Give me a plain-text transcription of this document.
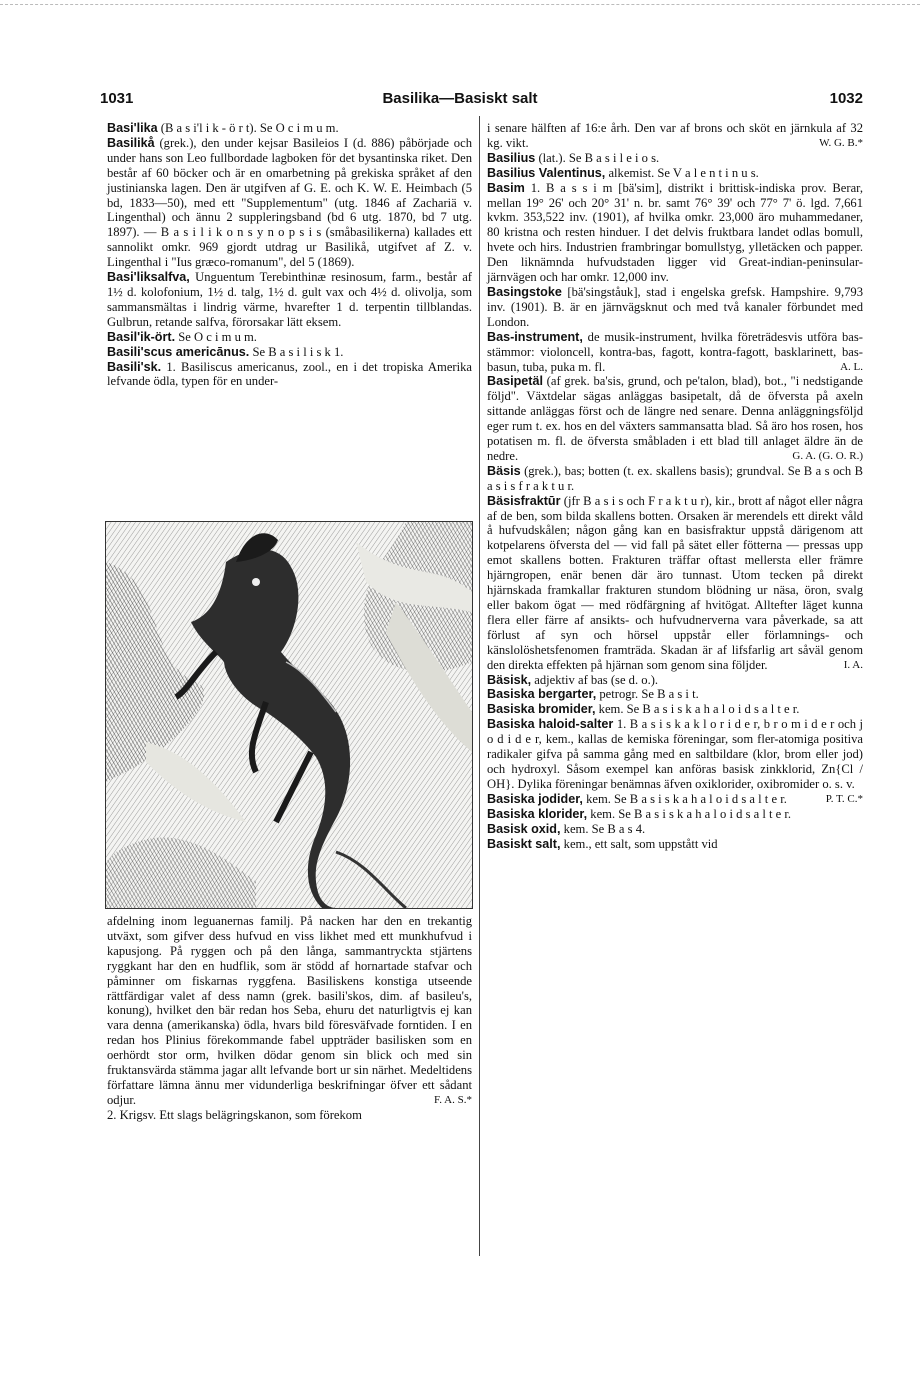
1031	Basilika—Basiskt salt	1032

Basi'lika (B a s i'l i k - ö r t). Se O c i m u m.

Basilikå (grek.), den under kejsar Basileios I (d. 886) påbörjade och under hans son Leo fullbordade lagboken för det bysantinska riket. Den består af 60 böcker och är en omarbetning på grekiska språket af den justinianska lagen. Den är utgifven af G. E. och K. W. E. Heimbach (5 bd, 1833—50), med ett "Supplementum" (utg. 1846 af Zachariä v. Lingenthal) och ännu 2 suppleringsband (bd 6 utg. 1870, bd 7 utg. 1897). — B a s i l i k o n s y n o p s i s (småbasilikerna) kallades ett sannolikt omkr. 969 gjordt utdrag ur Basilikå, utgifvet af Z. v. Lingenthal i "Ius græco-romanum", del 5 (1869).

Basi'liksalfva, Unguentum Terebinthinæ resinosum, farm., består af 1½ d. kolofonium, 1½ d. talg, 1½ d. gult vax och 4½ d. olivolja, som sammansmältas i lindrig värme, hvarefter 1 d. terpentin tillblandas. Gulbrun, retande salfva, förorsakar lätt eksem.

Basil'ik-ört. Se O c i m u m.

Basili'scus americānus. Se B a s i l i s k 1.

Basili'sk. 1. Basiliscus americanus, zool., en i det tropiska Amerika lefvande ödla, typen för en under-

afdelning inom leguanernas familj. På nacken har den en trekantig utväxt, som gifver dess hufvud en viss likhet med ett munkhufvud i kapusjong. På ryggen och på den långa, sammantryckta stjärtens ryggkant har den en hudflik, som är stödd af hornartade stafvar och påminner om fiskarnas ryggfena. Basiliskens konstiga utseende rättfärdigar valet af dess namn (grek. basili'skos, dim. af basileu's, konung), hvilket den bär redan hos Seba, ehuru det naturligtvis ej kan vara denna (amerikanska) ödla, hvars bild föresväfvade forntiden. I en redan hos Plinius förekommande fabel uppträder basilisken som en oerhördt stor orm, hvilken dödar genom sin blick och med sin fruktansvärda stämma jagar allt lefvande bort ur sin närhet. Medeltidens författare lämna ännu mer vidunderliga beskrifningar öfver ett sådant odjur.	F. A. S.*

2. Krigsv. Ett slags belägringskanon, som förekom

i senare hälften af 16:e årh. Den var af brons och sköt en järnkula af 32 kg. vikt.	W. G. B.*

Basilius (lat.). Se B a s i l e i o s.

Basilius Valentinus, alkemist. Se V a l e n t i n u s.

Basim 1. B a s s i m [bä'sim], distrikt i brittisk-indiska prov. Berar, mellan 19° 26' och 20° 31' n. br. samt 76° 39' och 77° 7' ö. lgd. 7,661 kvkm. 353,522 inv. (1901), af hvilka omkr. 23,000 äro muhammedaner, 80 kristna och resten hinduer. I det delvis fruktbara landet odlas bomull, hvete och hirs. Industrien frambringar bomullstyg, ylletäcken och papper. Den liknämnda hufvudstaden ligger vid Great-indian-peninsular-järnvägen och har omkr. 12,000 inv.

Basingstoke [bä'singståuk], stad i engelska grefsk. Hampshire. 9,793 inv. (1901). B. är en järnvägsknut och med två kanaler förbundet med London.

Bas-instrument, de musik-instrument, hvilka företrädesvis utföra bas-stämmor: violoncell, kontra-bas, fagott, kontra-fagott, basklarinett, bas-basun, tuba, puka m. fl.	A. L.

Basipetäl (af grek. ba'sis, grund, och pe'talon, blad), bot., "i nedstigande följd". Växtdelar sägas anläggas basipetalt, då de öfversta på axeln sittande anläggas först och de längre ned senare. Denna anläggningsföljd eger rum t. ex. hos en del växters sammansatta blad. Så äro hos rosen, hos potatisen m. fl. de öfversta småbladen i ett blad till anlaget äldre än de nedre.	G. A. (G. O. R.)

Bäsis (grek.), bas; botten (t. ex. skallens basis); grundval. Se B a s och B a s i s f r a k t u r.

Bäsisfraktūr (jfr B a s i s och F r a k t u r), kir., brott af något eller några af de ben, som bilda skallens botten. Orsaken är merendels ett direkt våld å hufvudskålen; någon gång kan en basisfraktur uppstå därigenom att kotpelarens öfversta del — vid fall på sätet eller fötterna — pressas upp emot skallens botten. Frakturen träffar oftast mellersta eller främre hjärngropen, enär benen där äro tunnast. Utom tecken på direkt hjärnskada framkallar frakturen stundom blödning ur näsa, öron, svalg eller bakom ögat — med rödfärgning af hvitögat. Alltefter läget kunna flera eller färre af ansikts- och hufvudnerverna vara påverkade, sa att förlust af syn och hörsel uppstår eller förlamnings- och känslolöshetsfenomen framträda. Skadan är af lifsfarlig art såväl genom den direkta effekten på hjärnan som genom sina följder.	I. A.

Bäsisk, adjektiv af bas (se d. o.).

Basiska bergarter, petrogr. Se B a s i t.

Basiska bromider, kem. Se B a s i s k a h a l o i d s a l t e r.

Basiska haloid-salter 1. B a s i s k a k l o r i d e r, b r o m i d e r och j o d i d e r, kem., kallas de kemiska föreningar, som fler-atomiga positiva radikaler gifva på samma gång med en saltbildare (klor, brom eller jod) och hydroxyl. Såsom exempel kan anföras basisk zinkklorid, Zn{Cl / OH}. Dylika föreningar benämnas äfven oxiklorider, oxibromider o. s. v.
P. T. C.*

Basiska jodider, kem. Se B a s i s k a h a l o i d s a l t e r.

Basiska klorider, kem. Se B a s i s k a h a l o i d s a l t e r.

Basisk oxid, kem. Se B a s 4.

Basiskt salt, kem., ett salt, som uppstått vid
